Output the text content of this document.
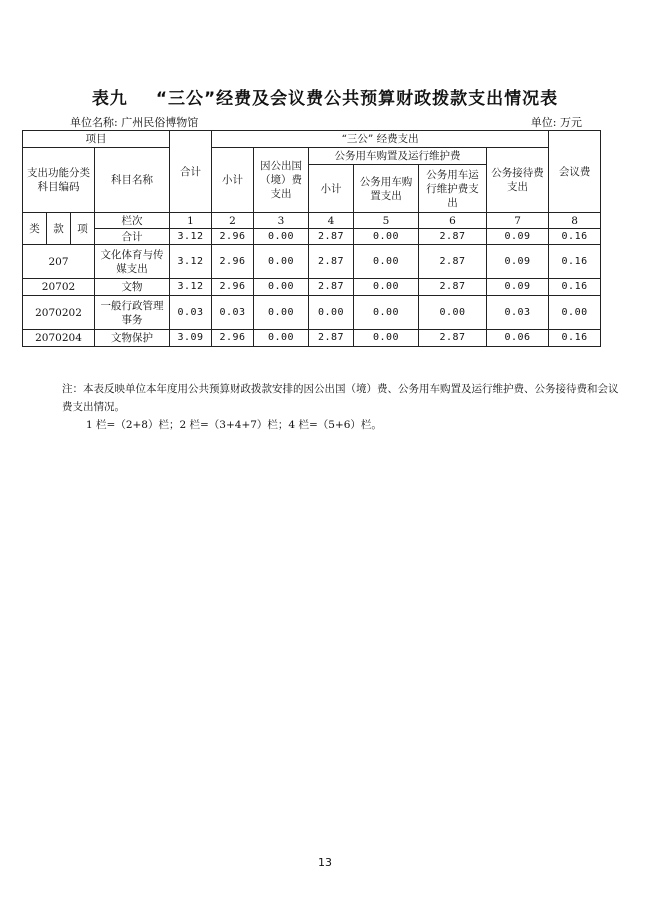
表九 “三公”经费及会议费公共预算财政拨款支出情况表
单位名称: 广州民俗博物馆	单位: 万元
项目				合计	“三公” 经费支出						会议费
支出功能分类科目编码			科目名称		小计	因公出国（境）费支出	公务用车购置及运行维护费			公务接待费支出	
							小计	公务用车购置支出	公务用车运行维护费支出		
类	款	项	栏次	1	2	3	4	5	6	7	8
			合计	3.12	2.96	0.00	2.87	0.00	2.87	0.09	0.16
207			文化体育与传媒支出	3.12	2.96	0.00	2.87	0.00	2.87	0.09	0.16
20702			文物	3.12	2.96	0.00	2.87	0.00	2.87	0.09	0.16
2070202			一般行政管理事务	0.03	0.03	0.00	0.00	0.00	0.00	0.03	0.00
2070204			文物保护	3.09	2.96	0.00	2.87	0.00	2.87	0.06	0.16
注：本表反映单位本年度用公共预算财政拨款安排的因公出国（境）费、公务用车购置及运行维护费、公务接待费和会议费支出情况。
1 栏=（2+8）栏；2 栏=（3+4+7）栏；4 栏=（5+6）栏。
13
